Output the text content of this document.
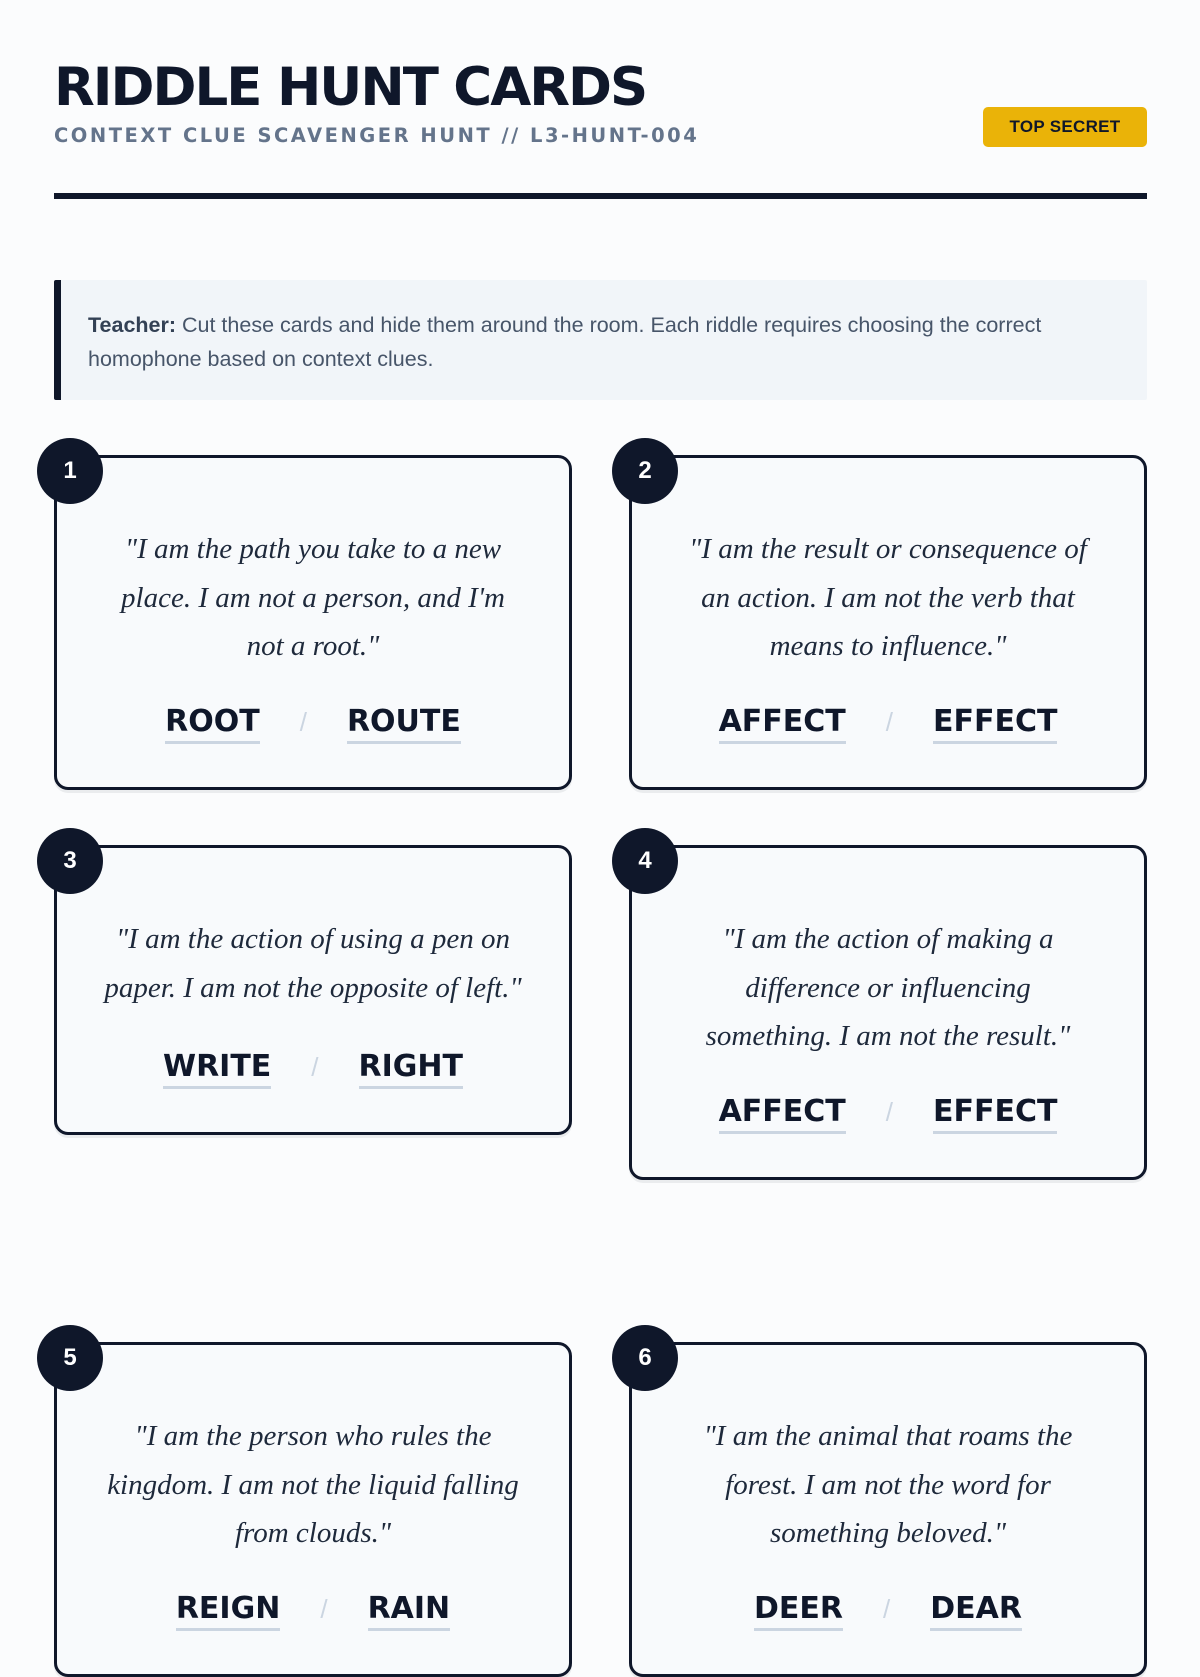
RIDDLE HUNT CARDS
CONTEXT CLUE SCAVENGER HUNT // L3-HUNT-004	TOP SECRET
Teacher: Cut these cards and hide them around the room. Each riddle requires choosing the correct homophone based on context clues.
1

"I am the path you take to a new place. I am not a person, and I'm not a root."

ROOT / ROUTE
2

"I am the result or consequence of an action. I am not the verb that means to influence."

AFFECT / EFFECT
3

"I am the action of using a pen on paper. I am not the opposite of left."

WRITE / RIGHT
4

"I am the action of making a difference or influencing something. I am not the result."

AFFECT / EFFECT
5

"I am the person who rules the kingdom. I am not the liquid falling from clouds."

REIGN / RAIN
6

"I am the animal that roams the forest. I am not the word for something beloved."

DEER / DEAR
